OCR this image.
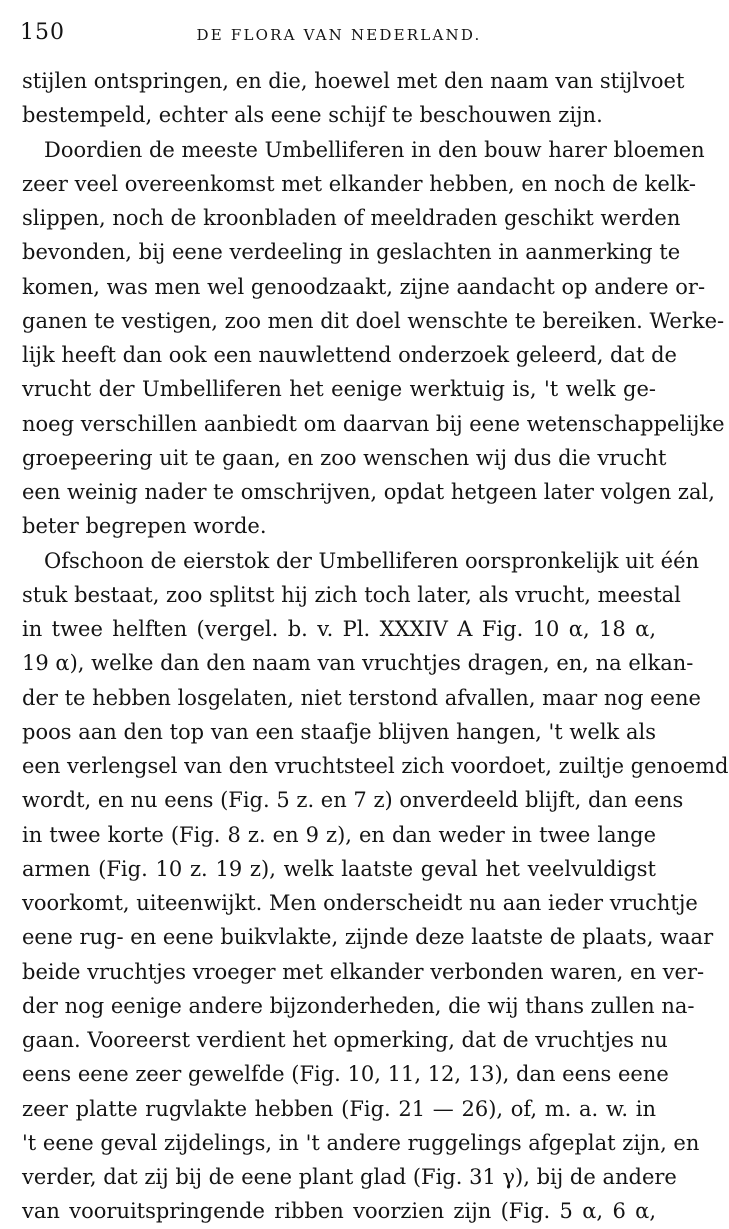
150	DE FLORA VAN NEDERLAND.
stijlen ontspringen, en die, hoewel met den naam van stijlvoet
bestempeld, echter als eene schijf te beschouwen zijn.
Doordien de meeste Umbelliferen in den bouw harer bloemen
zeer veel overeenkomst met elkander hebben, en noch de kelk-
slippen, noch de kroonbladen of meeldraden geschikt werden
bevonden, bij eene verdeeling in geslachten in aanmerking te
komen, was men wel genoodzaakt, zijne aandacht op andere or-
ganen te vestigen, zoo men dit doel wenschte te bereiken. Werke-
lijk heeft dan ook een nauwlettend onderzoek geleerd, dat de
vrucht der Umbelliferen het eenige werktuig is, 't welk ge-
noeg verschillen aanbiedt om daarvan bij eene wetenschappelijke
groepeering uit te gaan, en zoo wenschen wij dus die vrucht
een weinig nader te omschrijven, opdat hetgeen later volgen zal,
beter begrepen worde.
Ofschoon de eierstok der Umbelliferen oorspronkelijk uit één
stuk bestaat, zoo splitst hij zich toch later, als vrucht, meestal
in twee helften (vergel. b. v. Pl. XXXIV A Fig. 10 α, 18 α,
19 α), welke dan den naam van vruchtjes dragen, en, na elkan-
der te hebben losgelaten, niet terstond afvallen, maar nog eene
poos aan den top van een staafje blijven hangen, 't welk als
een verlengsel van den vruchtsteel zich voordoet, zuiltje genoemd
wordt, en nu eens (Fig. 5 z. en 7 z) onverdeeld blijft, dan eens
in twee korte (Fig. 8 z. en 9 z), en dan weder in twee lange
armen (Fig. 10 z. 19 z), welk laatste geval het veelvuldigst
voorkomt, uiteenwijkt. Men onderscheidt nu aan ieder vruchtje
eene rug- en eene buikvlakte, zijnde deze laatste de plaats, waar
beide vruchtjes vroeger met elkander verbonden waren, en ver-
der nog eenige andere bijzonderheden, die wij thans zullen na-
gaan. Vooreerst verdient het opmerking, dat de vruchtjes nu
eens eene zeer gewelfde (Fig. 10, 11, 12, 13), dan eens eene
zeer platte rugvlakte hebben (Fig. 21 — 26), of, m. a. w. in
't eene geval zijdelings, in 't andere ruggelings afgeplat zijn, en
verder, dat zij bij de eene plant glad (Fig. 31 γ), bij de andere
van vooruitspringende ribben voorzien zijn (Fig. 5 α, 6 α,
